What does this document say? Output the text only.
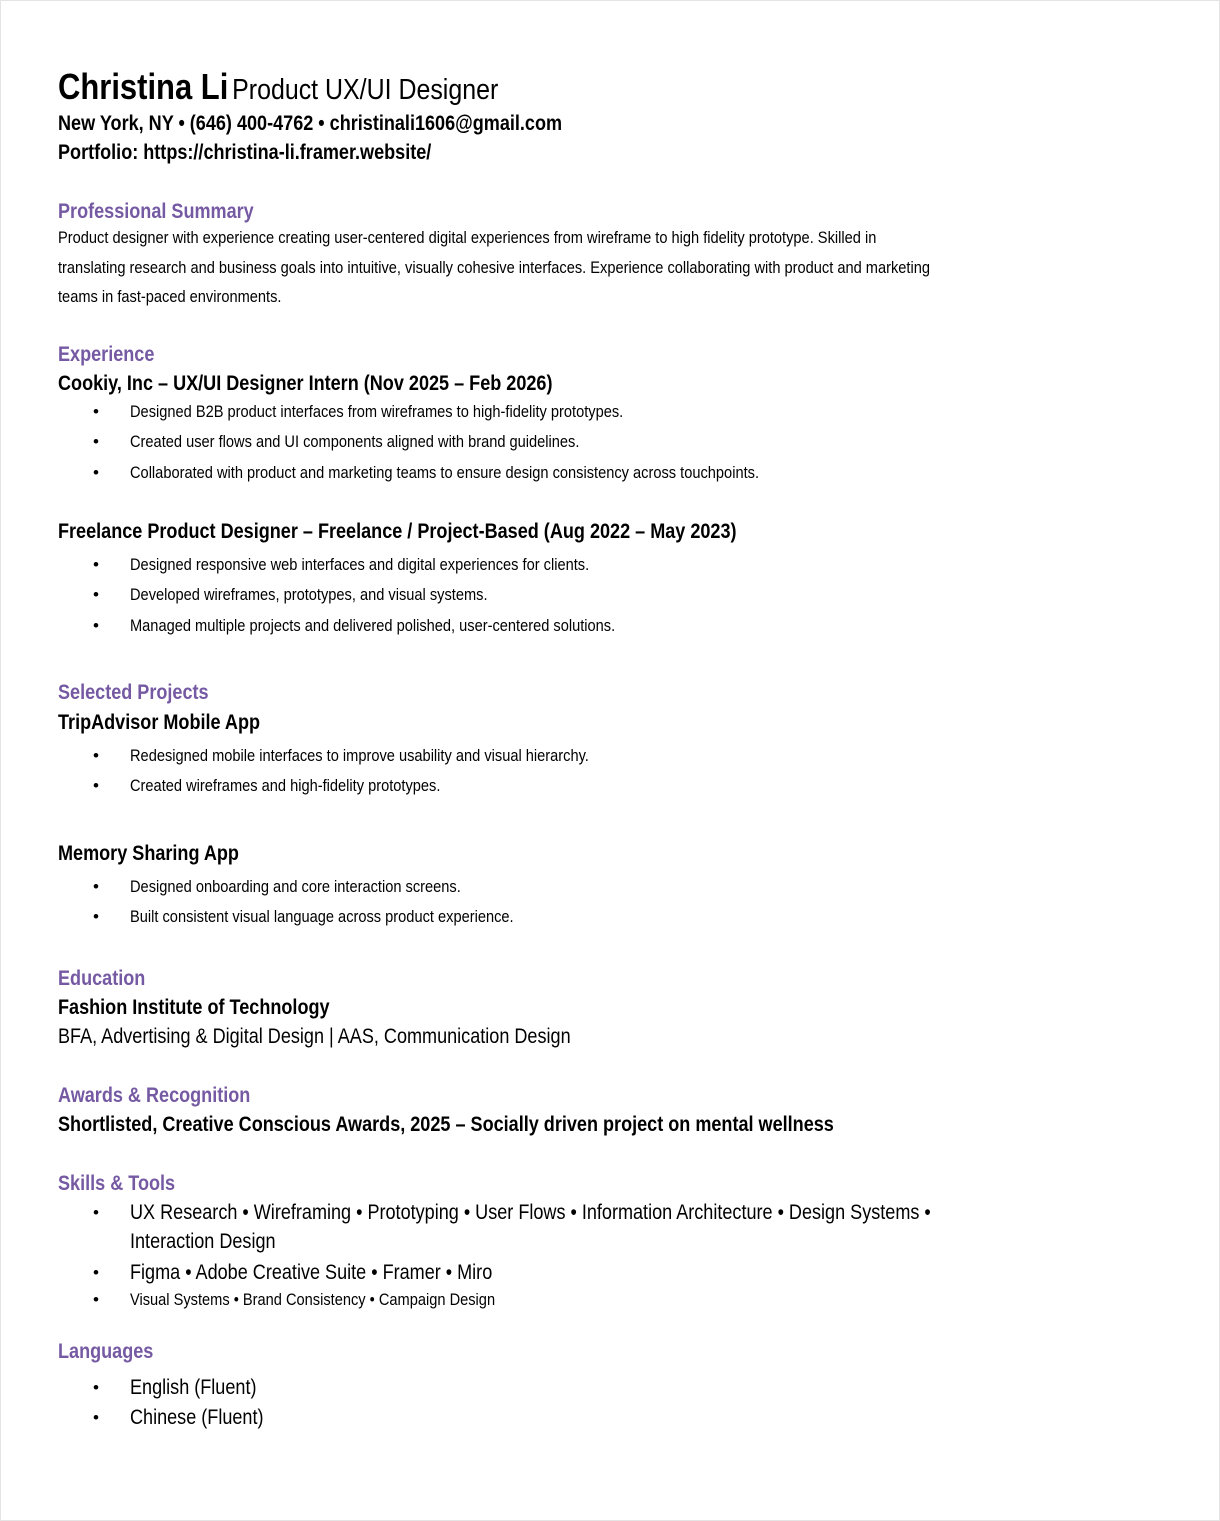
Christina Li Product UX/UI Designer
New York, NY • (646) 400-4762 • christinali1606@gmail.com
Portfolio: https://christina-li.framer.website/
Professional Summary
Product designer with experience creating user-centered digital experiences from wireframe to high fidelity prototype. Skilled in
translating research and business goals into intuitive, visually cohesive interfaces. Experience collaborating with product and marketing
teams in fast-paced environments.
Experience
Cookiy, Inc – UX/UI Designer Intern (Nov 2025 – Feb 2026)
• Designed B2B product interfaces from wireframes to high-fidelity prototypes.
• Created user flows and UI components aligned with brand guidelines.
• Collaborated with product and marketing teams to ensure design consistency across touchpoints.
Freelance Product Designer – Freelance / Project-Based (Aug 2022 – May 2023)
• Designed responsive web interfaces and digital experiences for clients.
• Developed wireframes, prototypes, and visual systems.
• Managed multiple projects and delivered polished, user-centered solutions.
Selected Projects
TripAdvisor Mobile App
• Redesigned mobile interfaces to improve usability and visual hierarchy.
• Created wireframes and high-fidelity prototypes.
Memory Sharing App
• Designed onboarding and core interaction screens.
• Built consistent visual language across product experience.
Education
Fashion Institute of Technology
BFA, Advertising & Digital Design | AAS, Communication Design
Awards & Recognition
Shortlisted, Creative Conscious Awards, 2025 – Socially driven project on mental wellness
Skills & Tools
• UX Research • Wireframing • Prototyping • User Flows • Information Architecture • Design Systems •
Interaction Design
• Figma • Adobe Creative Suite • Framer • Miro
• Visual Systems • Brand Consistency • Campaign Design
Languages
• English (Fluent)
• Chinese (Fluent)
